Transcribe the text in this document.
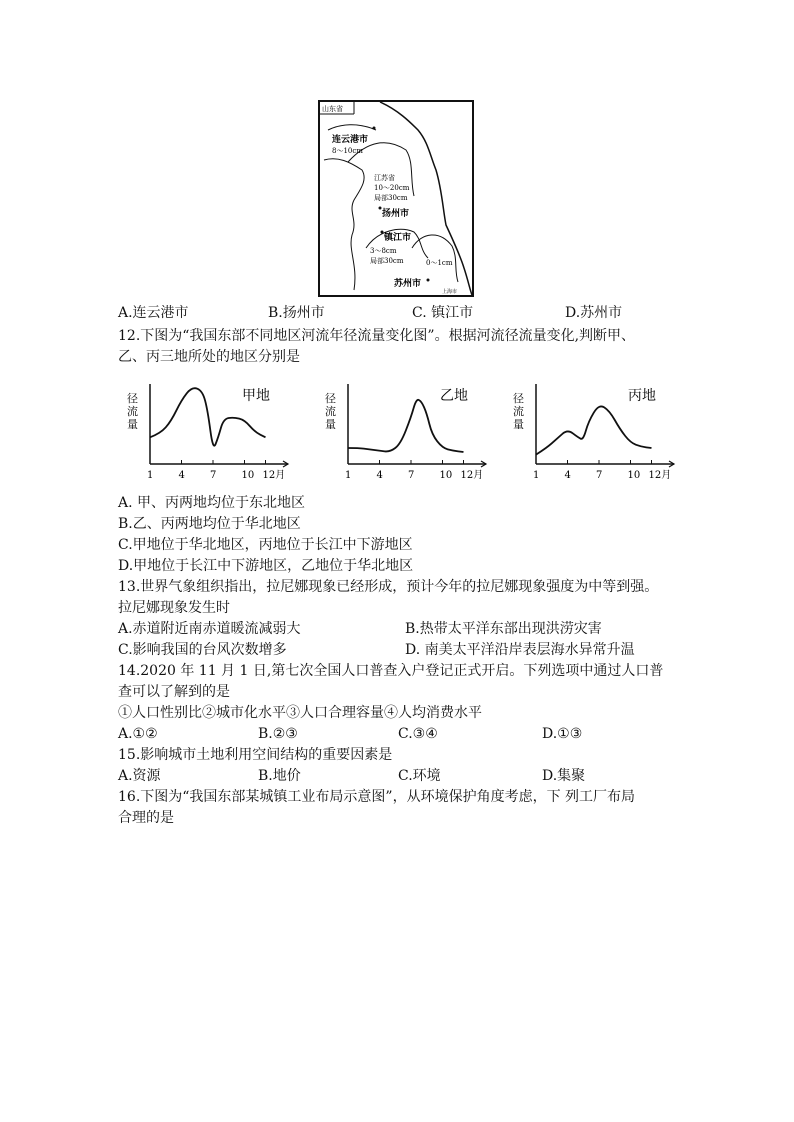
山东省
连云港市
8～10cm
江苏省
10～20cm
局部30cm
扬州市
镇江市
3～8cm
局部30cm	0～1cm
苏州市
上海市
A.连云港市	B.扬州市	C. 镇江市	D.苏州市
12.下图为“我国东部不同地区河流年径流量变化图”。根据河流径流量变化,判断甲、
乙、丙三地所处的地区分别是
径
流
量
甲地
1	4	7	10 12月
径
流
量
乙地
1	4	7	10 12月
径
流
量
丙地
1	4	7	10 12月
A. 甲、丙两地均位于东北地区
B.乙、丙两地均位于华北地区
C.甲地位于华北地区，丙地位于长江中下游地区
D.甲地位于长江中下游地区，乙地位于华北地区
13.世界气象组织指出，拉尼娜现象已经形成，预计今年的拉尼娜现象强度为中等到强。
拉尼娜现象发生时
A.赤道附近南赤道暖流减弱大	B.热带太平洋东部出现洪涝灾害
C.影响我国的台风次数增多	D. 南美太平洋沿岸表层海水异常升温
14.2020 年 11 月 1 日,第七次全国人口普查入户登记正式开启。下列选项中通过人口普
查可以了解到的是
①人口性别比②城市化水平③人口合理容量④人均消费水平
A.①②	B.②③	C.③④	D.①③
15.影响城市土地利用空间结构的重要因素是
A.资源	B.地价	C.环境	D.集聚
16.下图为“我国东部某城镇工业布局示意图”，从环境保护角度考虑，下 列工厂布局
合理的是
